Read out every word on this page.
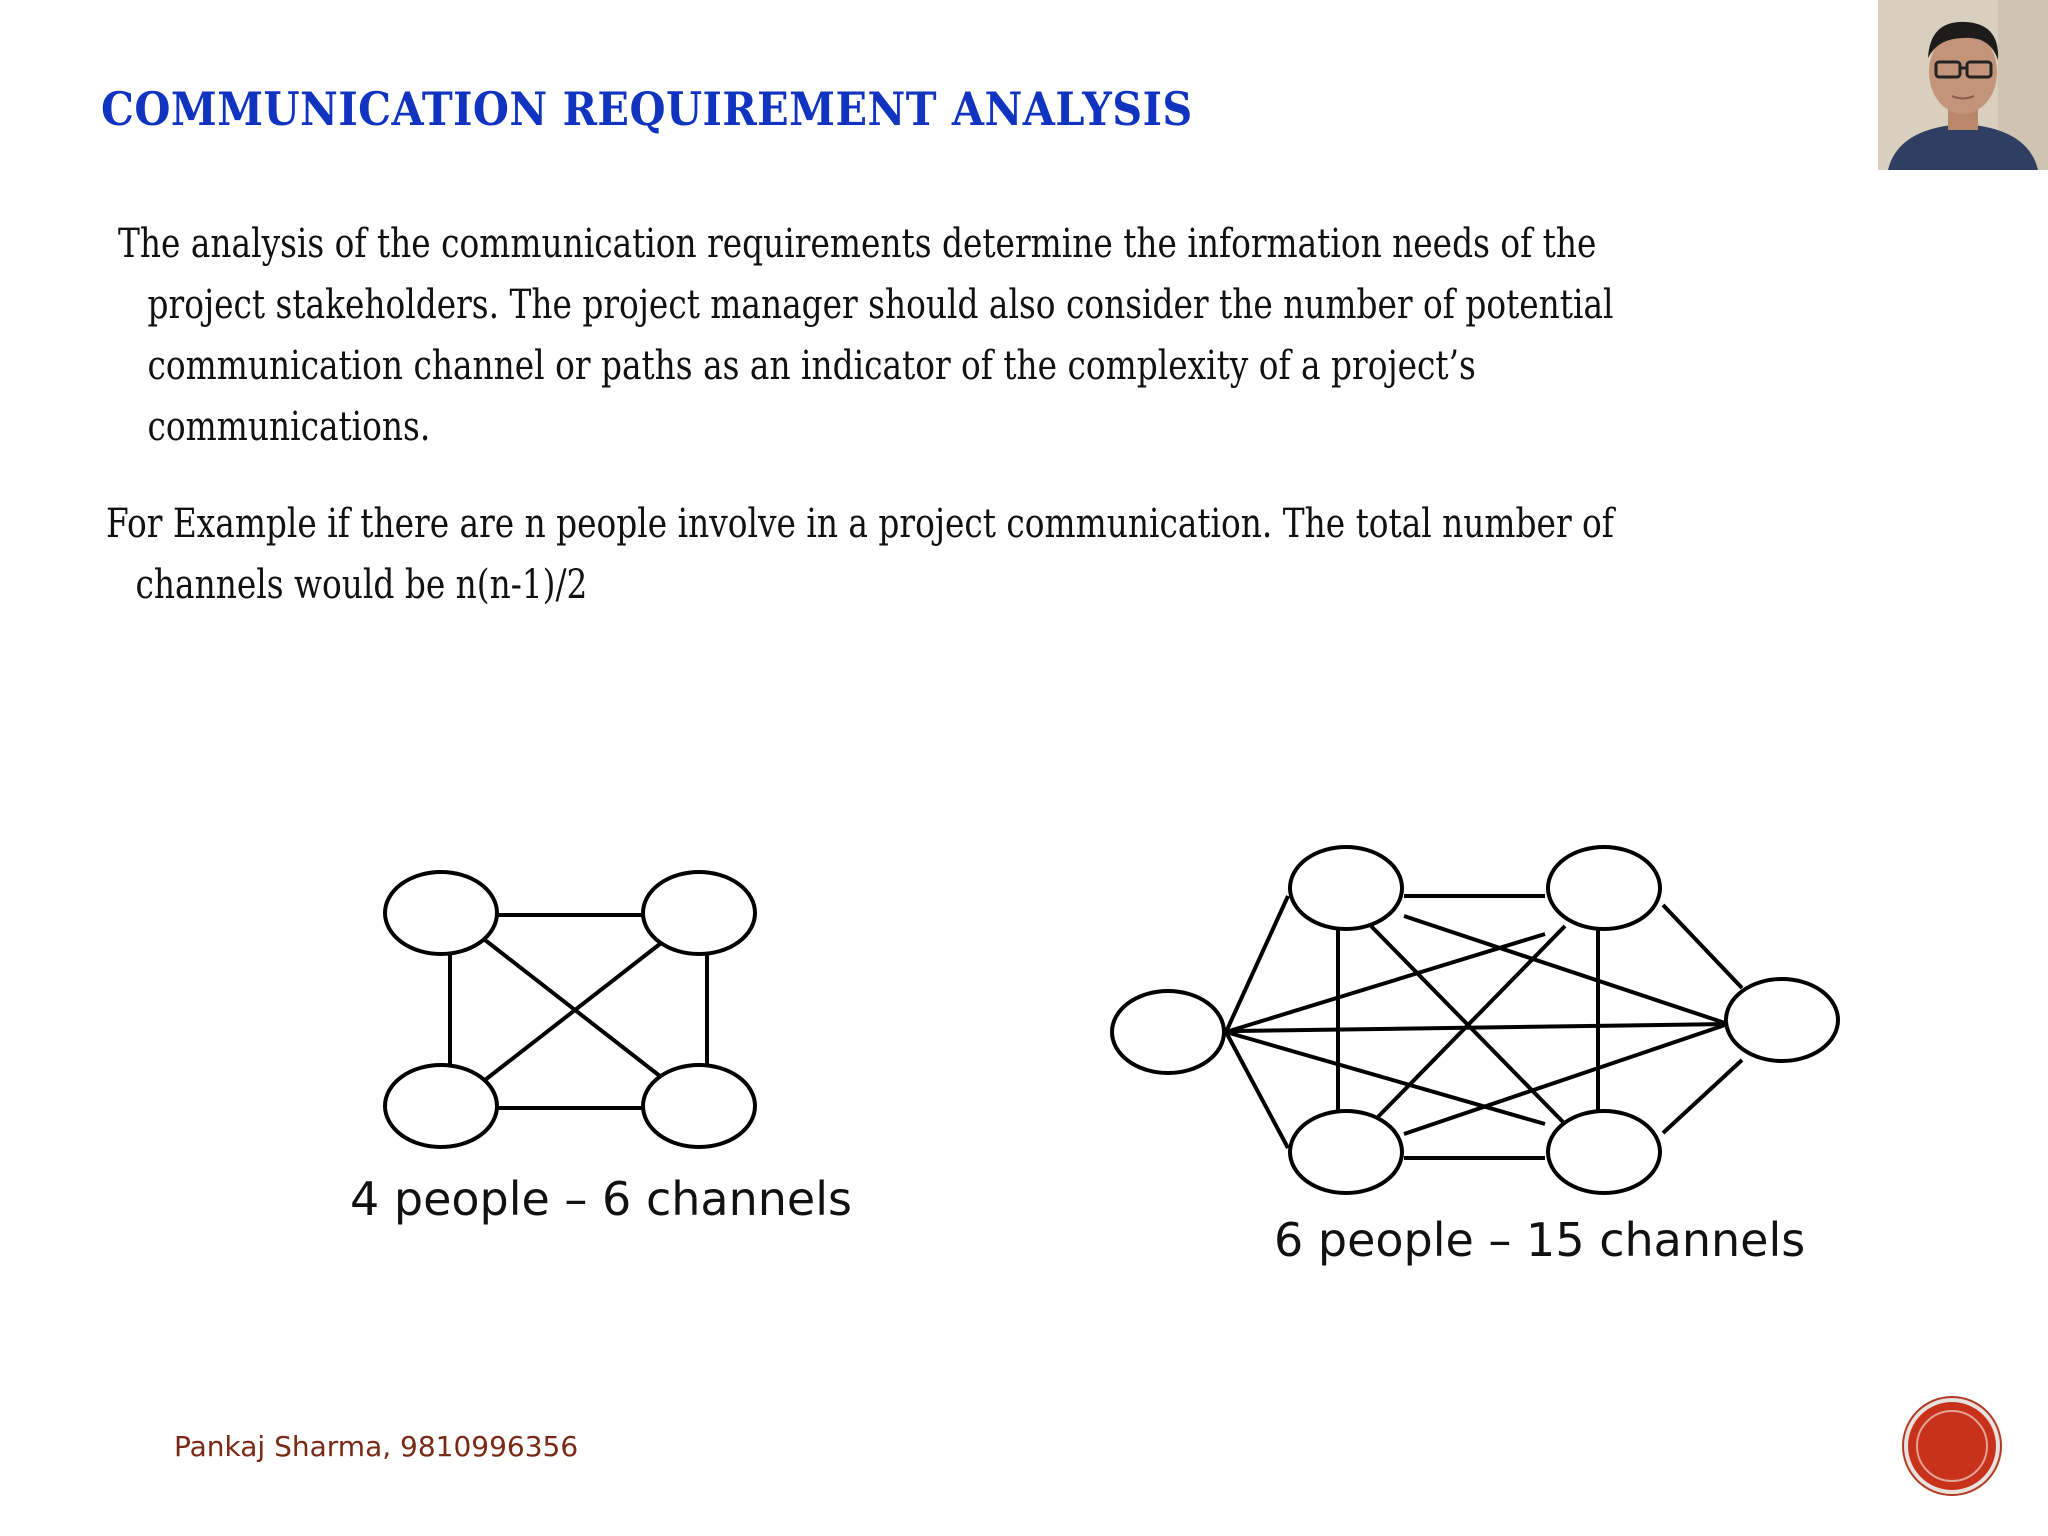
COMMUNICATION REQUIREMENT ANALYSIS

The analysis of the communication requirements determine the information needs of the
project stakeholders. The project manager should also consider the number of potential
communication channel or paths as an indicator of the complexity of a project’s
communications.

For Example if there are n people involve in a project communication. The total number of
channels would be n(n-1)/2

4 people – 6 channels
6 people – 15 channels
Pankaj Sharma, 9810996356
